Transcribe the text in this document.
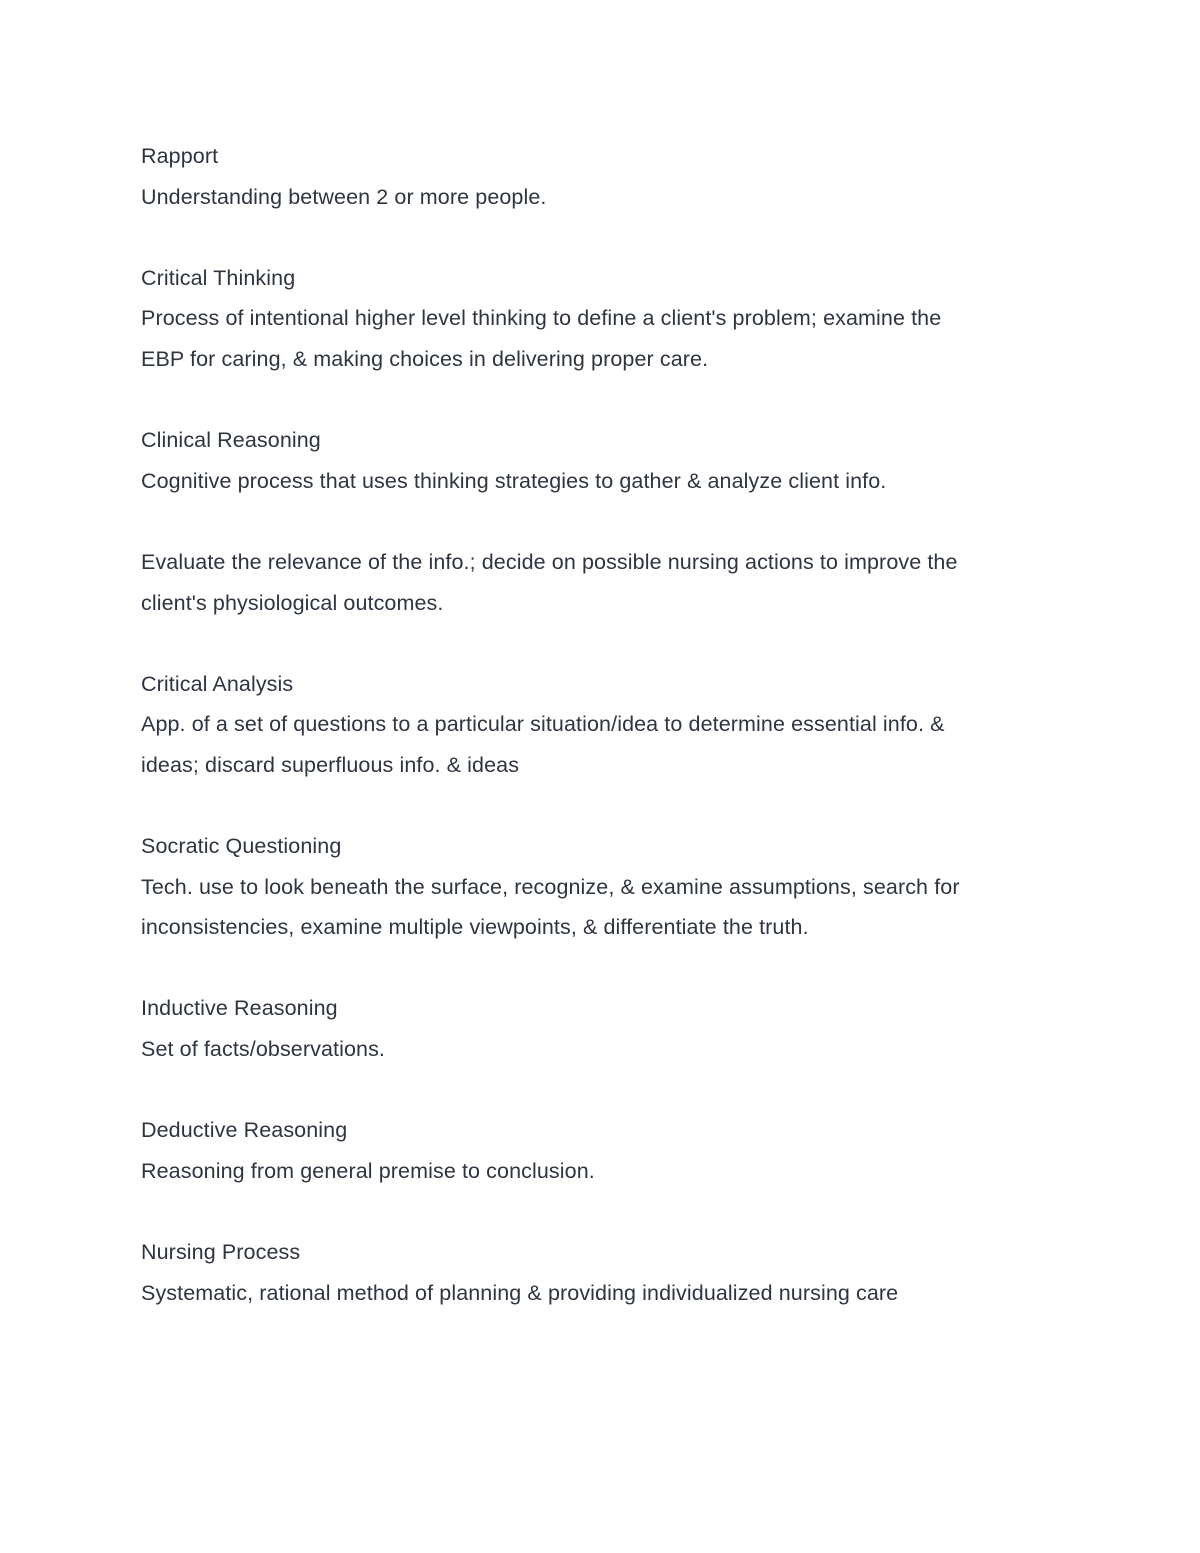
Rapport
Understanding between 2 or more people.
Critical Thinking
Process of intentional higher level thinking to define a client's problem; examine the
EBP for caring, & making choices in delivering proper care.
Clinical Reasoning
Cognitive process that uses thinking strategies to gather & analyze client info.
Evaluate the relevance of the info.; decide on possible nursing actions to improve the
client's physiological outcomes.
Critical Analysis
App. of a set of questions to a particular situation/idea to determine essential info. &
ideas; discard superfluous info. & ideas
Socratic Questioning
Tech. use to look beneath the surface, recognize, & examine assumptions, search for
inconsistencies, examine multiple viewpoints, & differentiate the truth.
Inductive Reasoning
Set of facts/observations.
Deductive Reasoning
Reasoning from general premise to conclusion.
Nursing Process
Systematic, rational method of planning & providing individualized nursing care
